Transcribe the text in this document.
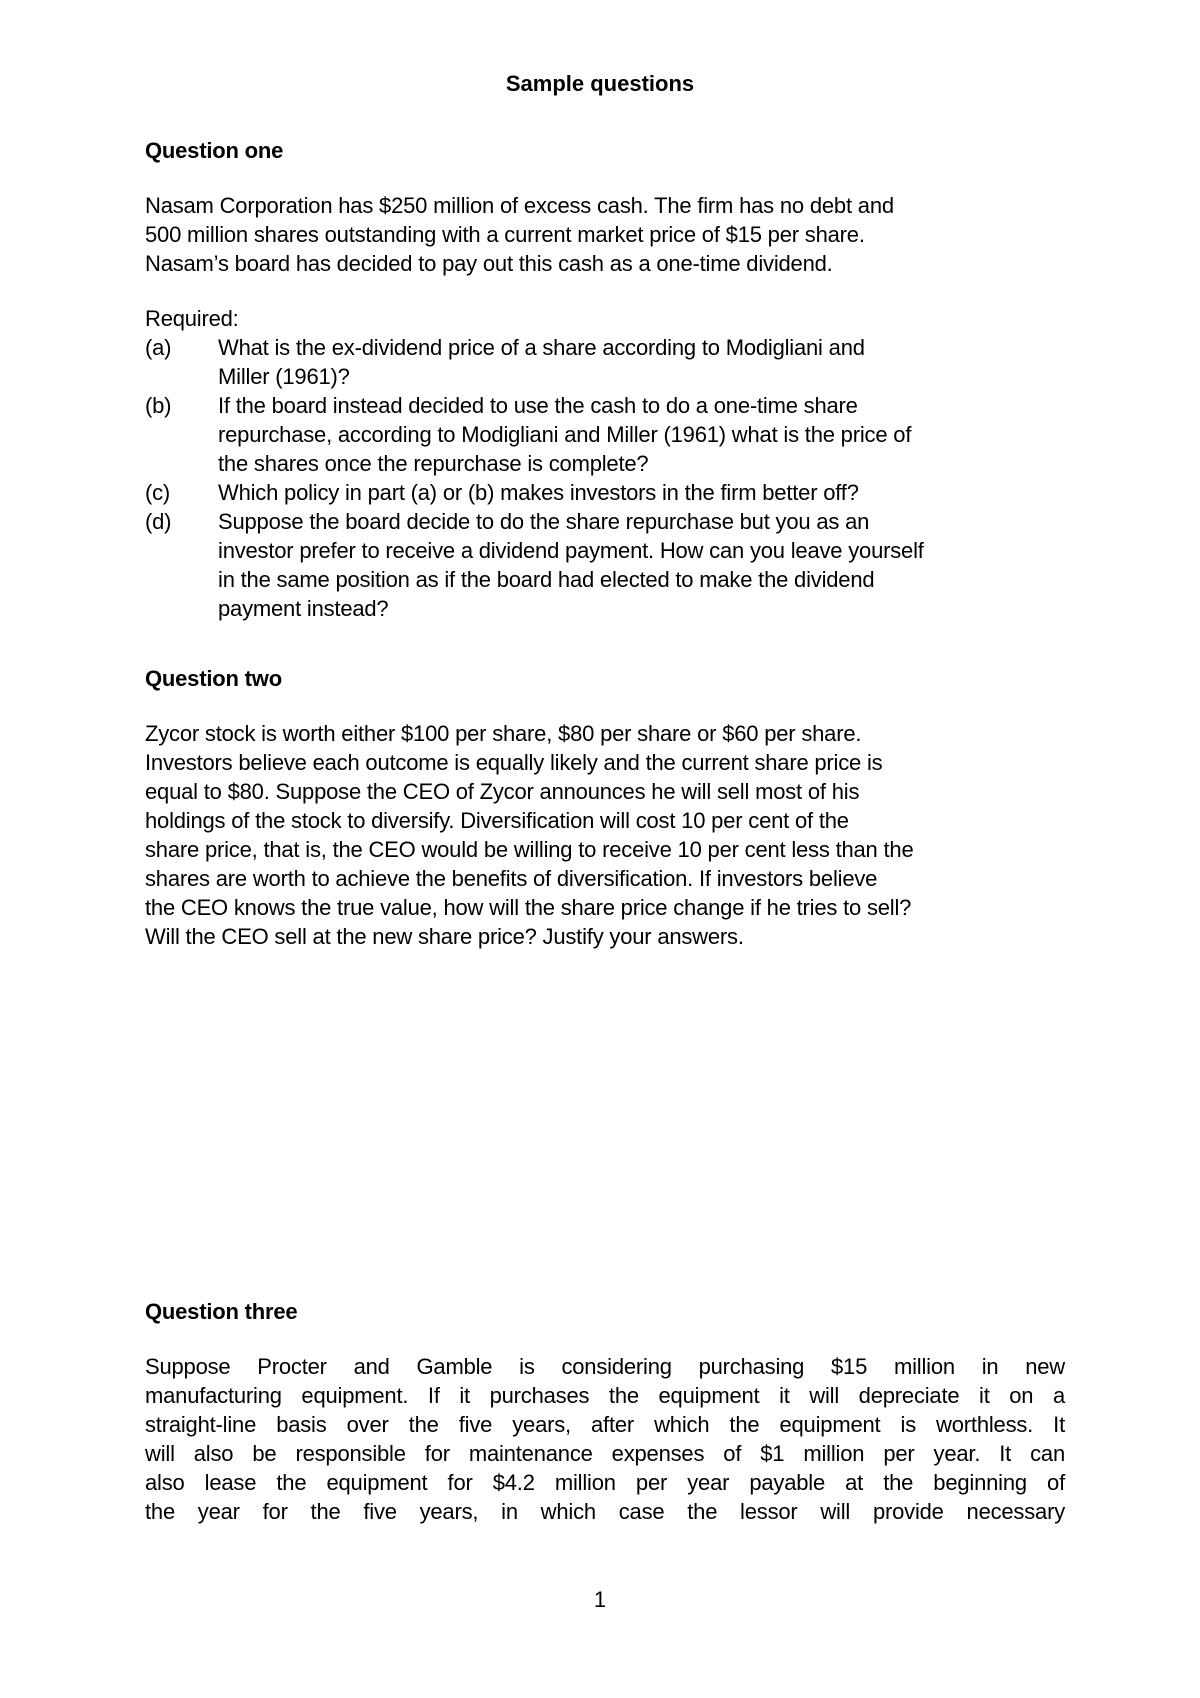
Sample questions

Question one

Nasam Corporation has $250 million of excess cash. The firm has no debt and

500 million shares outstanding with a current market price of $15 per share.

Nasam’s board has decided to pay out this cash as a one-time dividend.

Required:

(a)	What is the ex-dividend price of a share according to Modigliani and

Miller (1961)?

(b)	If the board instead decided to use the cash to do a one-time share

repurchase, according to Modigliani and Miller (1961) what is the price of

the shares once the repurchase is complete?

(c)	Which policy in part (a) or (b) makes investors in the firm better off?

(d)	Suppose the board decide to do the share repurchase but you as an

investor prefer to receive a dividend payment. How can you leave yourself

in the same position as if the board had elected to make the dividend

payment instead?

Question two

Zycor stock is worth either $100 per share, $80 per share or $60 per share.

Investors believe each outcome is equally likely and the current share price is

equal to $80. Suppose the CEO of Zycor announces he will sell most of his

holdings of the stock to diversify. Diversification will cost 10 per cent of the

share price, that is, the CEO would be willing to receive 10 per cent less than the

shares are worth to achieve the benefits of diversification. If investors believe

the CEO knows the true value, how will the share price change if he tries to sell?

Will the CEO sell at the new share price? Justify your answers.

Question three

Suppose Procter and Gamble is considering purchasing $15 million in new

manufacturing equipment. If it purchases the equipment it will depreciate it on a

straight-line basis over the five years, after which the equipment is worthless. It

will also be responsible for maintenance expenses of $1 million per year. It can

also lease the equipment for $4.2 million per year payable at the beginning of

the year for the five years, in which case the lessor will provide necessary

1
